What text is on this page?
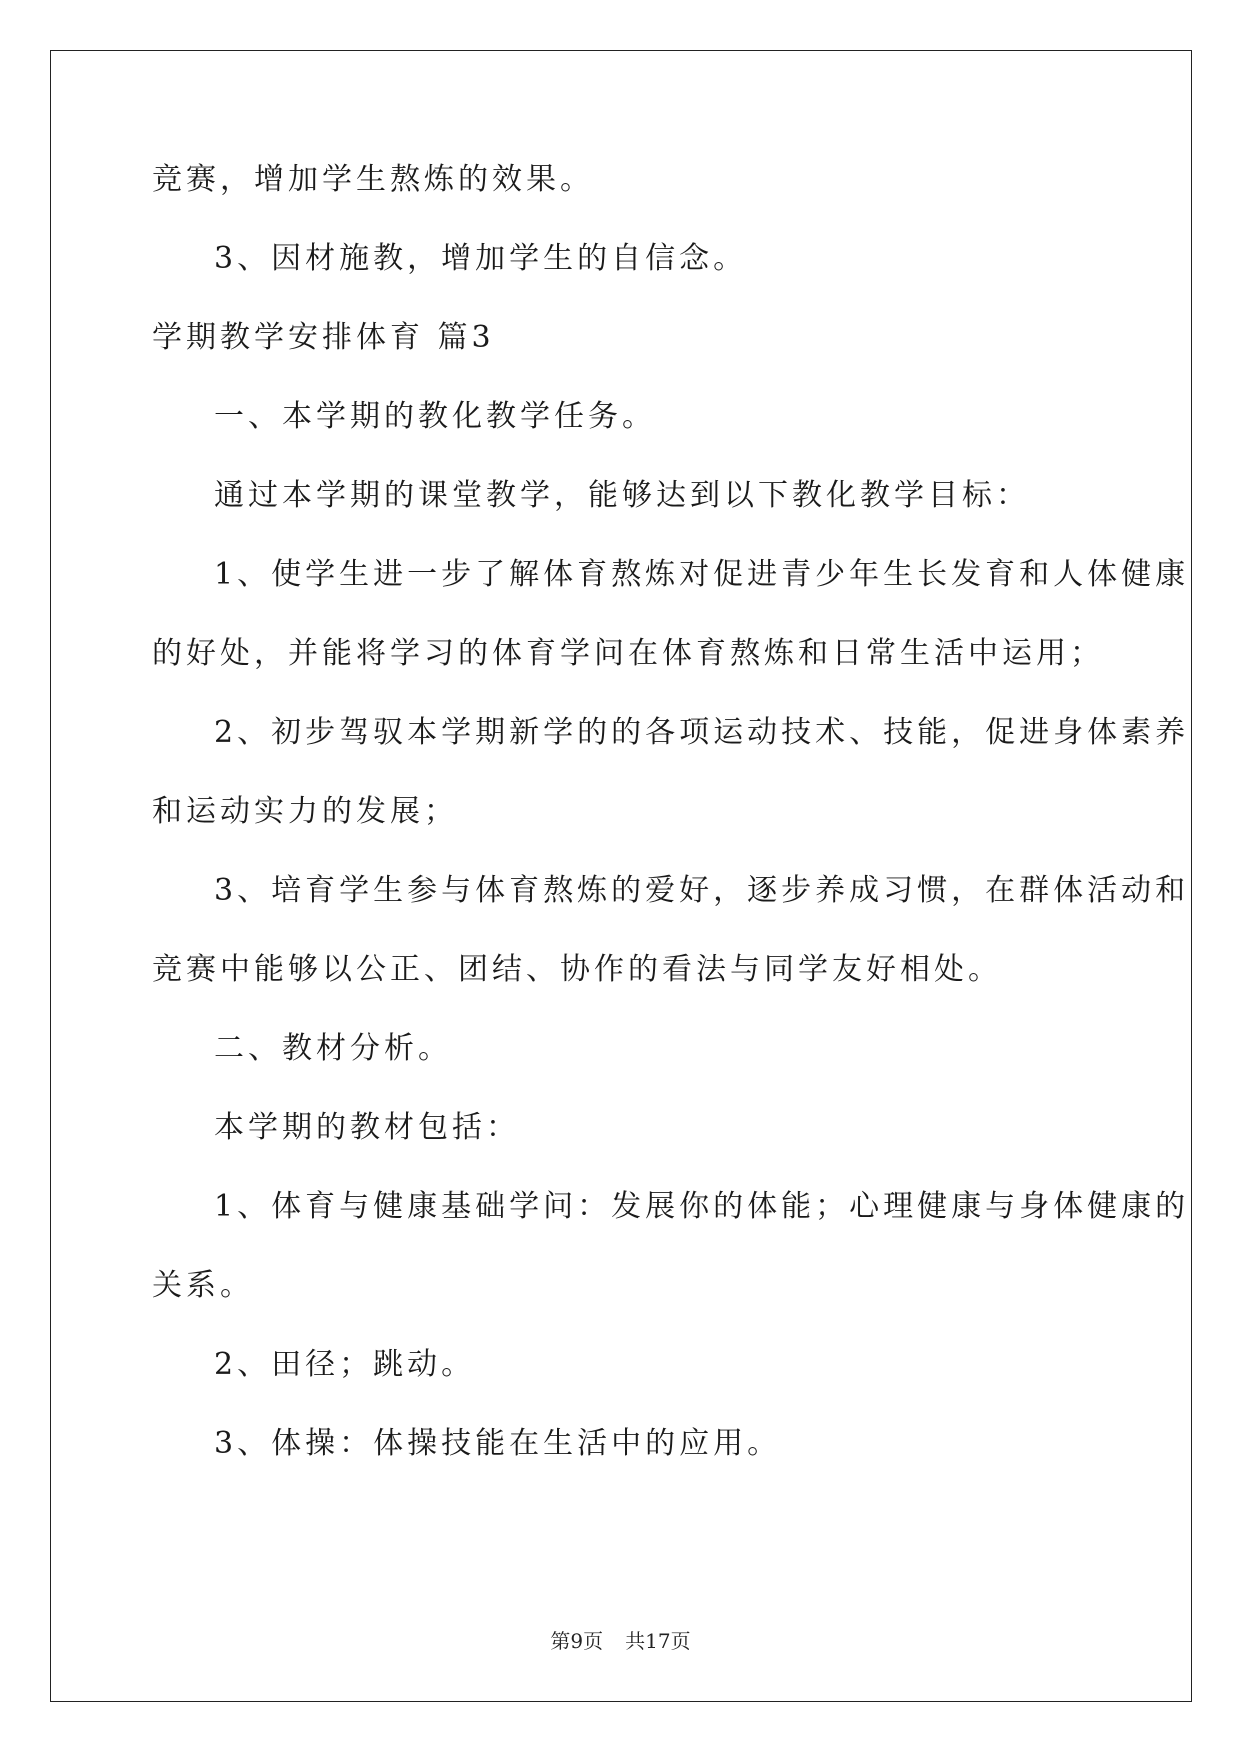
竞赛，增加学生熬炼的效果。
3、因材施教，增加学生的自信念。
学期教学安排体育 篇3
一、本学期的教化教学任务。
通过本学期的课堂教学，能够达到以下教化教学目标：
1、使学生进一步了解体育熬炼对促进青少年生长发育和人体健康
的好处，并能将学习的体育学问在体育熬炼和日常生活中运用；
2、初步驾驭本学期新学的的各项运动技术、技能，促进身体素养
和运动实力的发展；
3、培育学生参与体育熬炼的爱好，逐步养成习惯，在群体活动和
竞赛中能够以公正、团结、协作的看法与同学友好相处。
二、教材分析。
本学期的教材包括：
1、体育与健康基础学问：发展你的体能；心理健康与身体健康的
关系。
2、田径；跳动。
3、体操：体操技能在生活中的应用。
第9页 共17页
